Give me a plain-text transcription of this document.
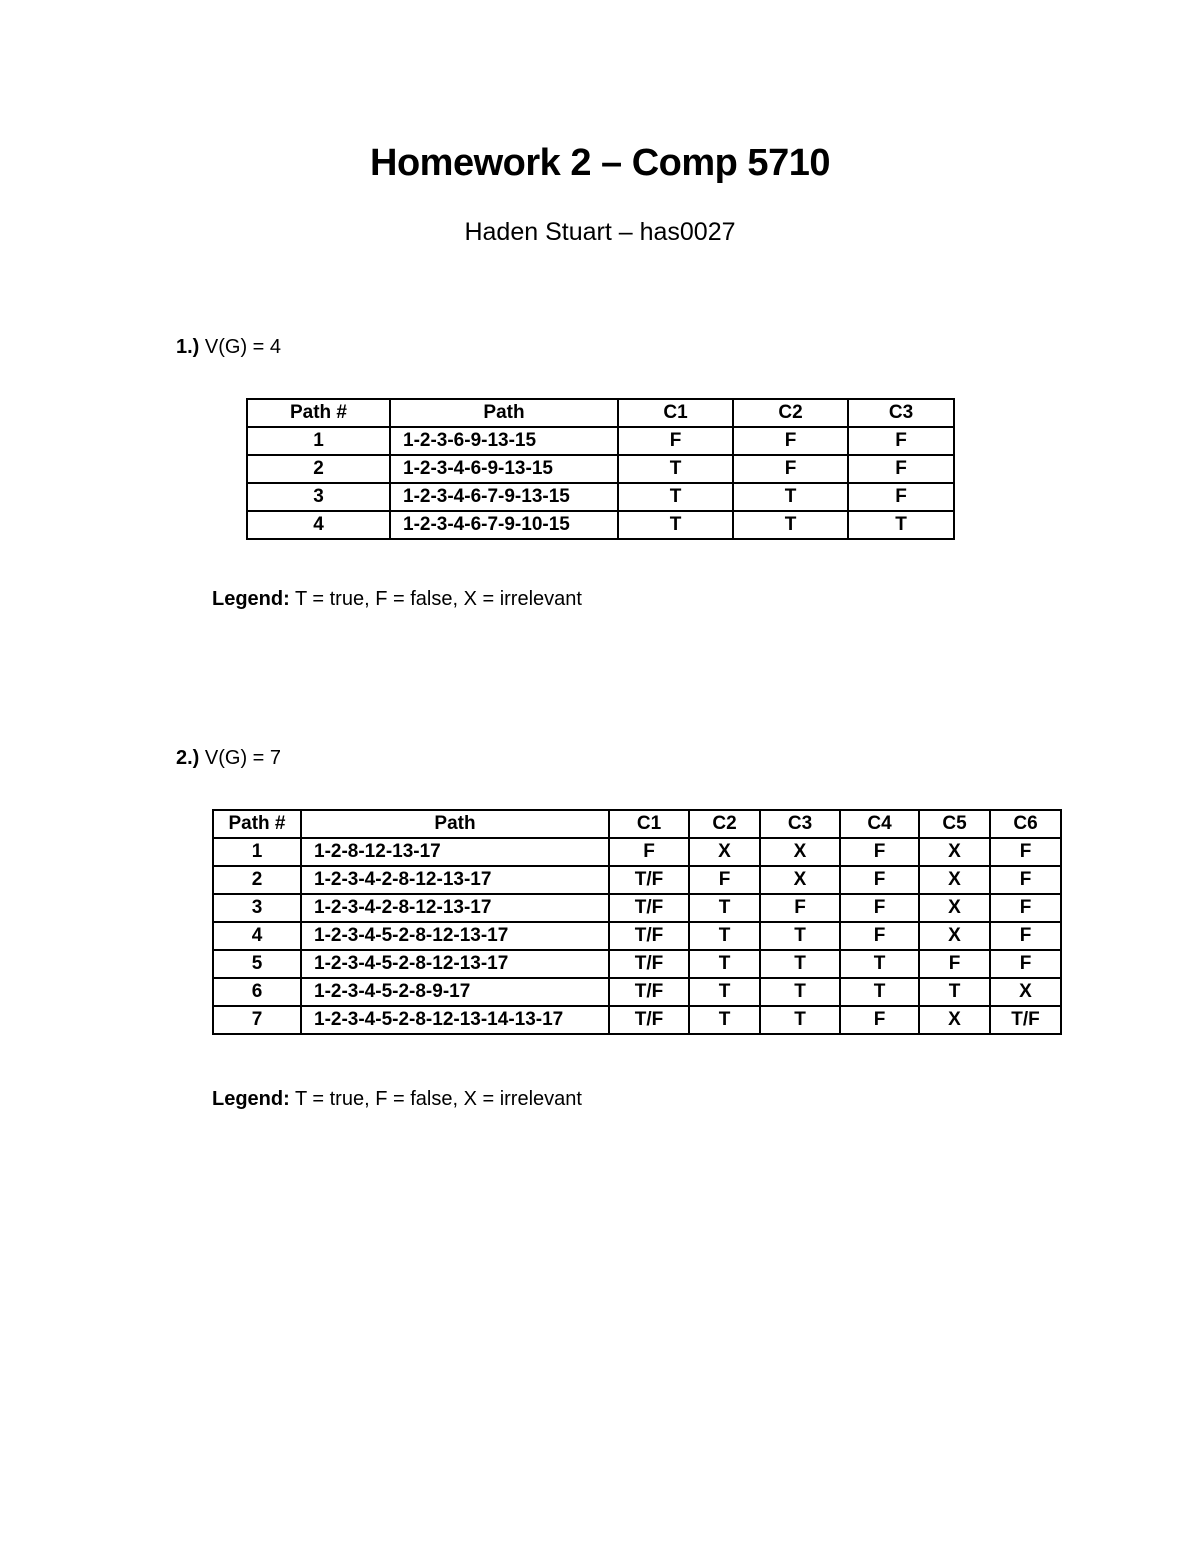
Homework 2 – Comp 5710
Haden Stuart – has0027
1.) V(G) = 4
Path #	Path	C1	C2	C3
1	1-2-3-6-9-13-15	F	F	F
2	1-2-3-4-6-9-13-15	T	F	F
3	1-2-3-4-6-7-9-13-15	T	T	F
4	1-2-3-4-6-7-9-10-15	T	T	T
Legend: T = true, F = false, X = irrelevant
2.) V(G) = 7
Path #	Path	C1	C2	C3	C4	C5	C6
1	1-2-8-12-13-17	F	X	X	F	X	F
2	1-2-3-4-2-8-12-13-17	T/F	F	X	F	X	F
3	1-2-3-4-2-8-12-13-17	T/F	T	F	F	X	F
4	1-2-3-4-5-2-8-12-13-17	T/F	T	T	F	X	F
5	1-2-3-4-5-2-8-12-13-17	T/F	T	T	T	F	F
6	1-2-3-4-5-2-8-9-17	T/F	T	T	T	T	X
7	1-2-3-4-5-2-8-12-13-14-13-17	T/F	T	T	F	X	T/F
Legend: T = true, F = false, X = irrelevant
